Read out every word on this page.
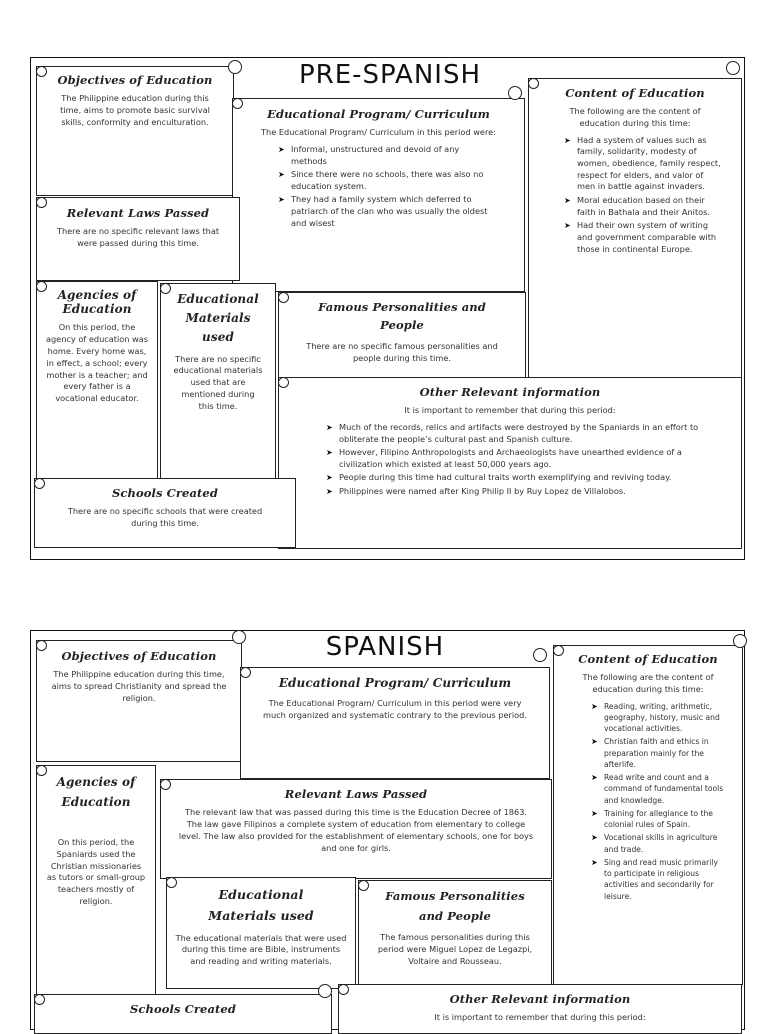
PRE-SPANISH
Objectives of Education

The Philippine education during this time, aims to promote basic survival skills, conformity and enculturation.

Educational Program/ Curriculum

The Educational Program/ Curriculum in this period were:

➤ Informal, unstructured and devoid of any methods
➤ Since there were no schools, there was also no education system.
➤ They had a family system which deferred to patriarch of the clan who was usually the oldest and wisest
Content of Education

The following are the content of education during this time:

➤ Had a system of values such as family, solidarity, modesty of women, obedience, family respect, respect for elders, and valor of men in battle against invaders.
➤ Moral education based on their faith in Bathala and their Anitos.
➤ Had their own system of writing and government comparable with those in continental Europe.
Relevant Laws Passed

There are no specific relevant laws that were passed during this time.

Agencies of Education

On this period, the agency of education was home. Every home was, in effect, a school; every mother is a teacher; and every father is a vocational educator.

Educational Materials used

There are no specific educational materials used that are mentioned during this time.

Famous Personalities and People

There are no specific famous personalities and people during this time.

Other Relevant information

It is important to remember that during this period:

➤ Much of the records, relics and artifacts were destroyed by the Spaniards in an effort to obliterate the people’s cultural past and Spanish culture.
➤ However, Filipino Anthropologists and Archaeologists have unearthed evidence of a civilization which existed at least 50,000 years ago.
➤ People during this time had cultural traits worth exemplifying and reviving today.
➤ Philippines were named after King Philip II by Ruy Lopez de Villalobos.
Schools Created

There are no specific schools that were created during this time.

SPANISH
Objectives of Education

The Philippine education during this time, aims to spread Christianity and spread the religion.

Educational Program/ Curriculum

The Educational Program/ Curriculum in this period were very much organized and systematic contrary to the previous period.

Content of Education

The following are the content of education during this time:

➤ Reading, writing, arithmetic, geography, history, music and vocational activities.
➤ Christian faith and ethics in preparation mainly for the afterlife.
➤ Read write and count and a command of fundamental tools and knowledge.
➤ Training for allegiance to the colonial rules of Spain.
➤ Vocational skills in agriculture and trade.
➤ Sing and read music primarily to participate in religious activities and secondarily for leisure.
Agencies of Education

On this period, the Spaniards used the Christian missionaries as tutors or small-group teachers mostly of religion.

Relevant Laws Passed

The relevant law that was passed during this time is the Education Decree of 1863. The law gave Filipinos a complete system of education from elementary to college level. The law also provided for the establishment of elementary schools, one for boys and one for girls.

Educational Materials used

The educational materials that were used during this time are Bible, instruments and reading and writing materials.

Famous Personalities and People

The famous personalities during this period were Miguel Lopez de Legazpi, Voltaire and Rousseau.

Schools Created
Other Relevant information

It is important to remember that during this period:
